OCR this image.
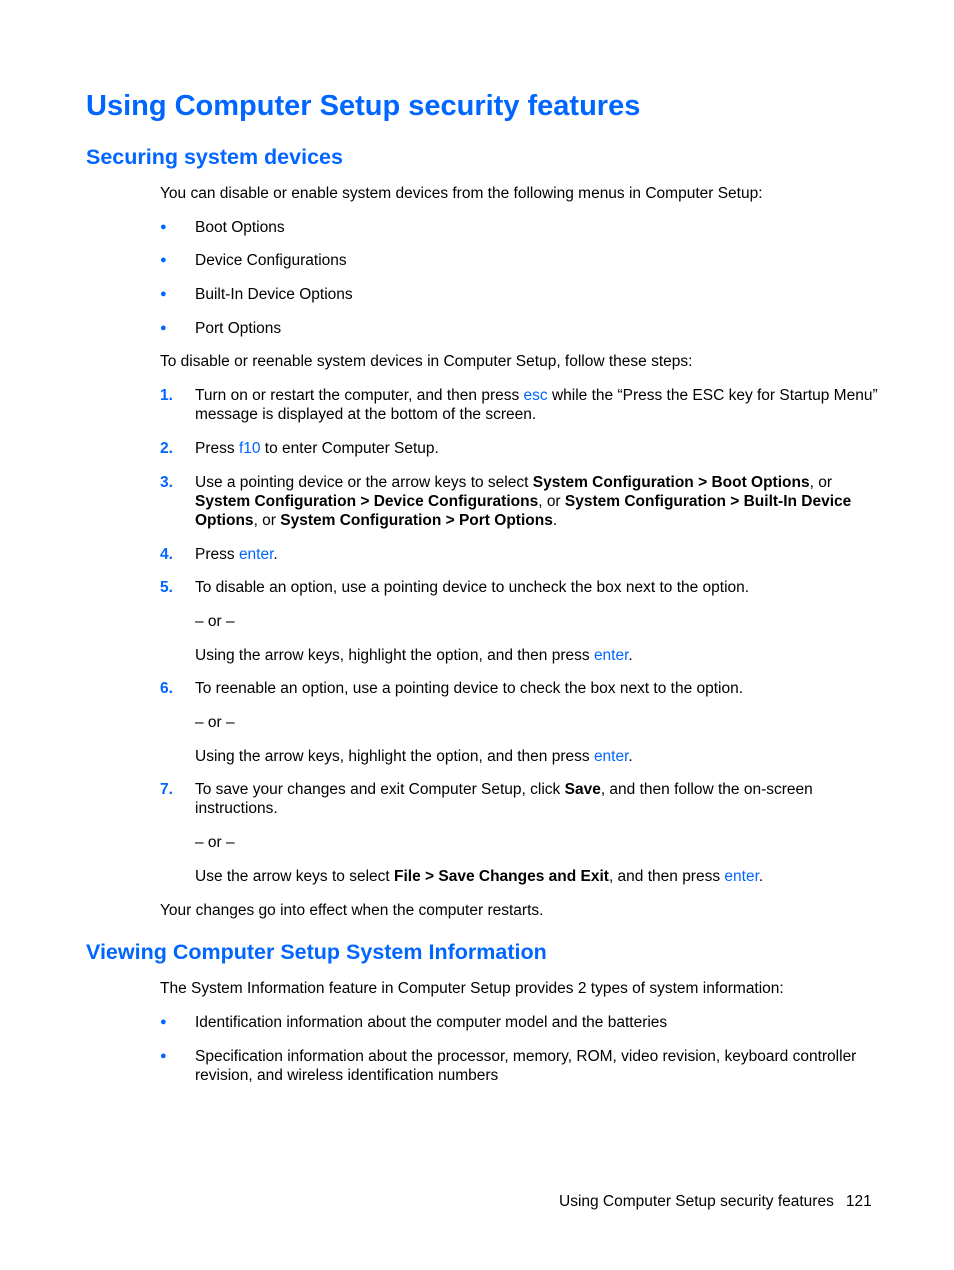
Using Computer Setup security features
Securing system devices
You can disable or enable system devices from the following menus in Computer Setup:
● Boot Options
● Device Configurations
● Built-In Device Options
● Port Options
To disable or reenable system devices in Computer Setup, follow these steps:
1. Turn on or restart the computer, and then press esc while the “Press the ESC key for Startup Menu”
message is displayed at the bottom of the screen.
2. Press f10 to enter Computer Setup.
3. Use a pointing device or the arrow keys to select System Configuration > Boot Options, or
System Configuration > Device Configurations, or System Configuration > Built-In Device
Options, or System Configuration > Port Options.
4. Press enter.
5. To disable an option, use a pointing device to uncheck the box next to the option.
– or –
Using the arrow keys, highlight the option, and then press enter.
6. To reenable an option, use a pointing device to check the box next to the option.
– or –
Using the arrow keys, highlight the option, and then press enter.
7. To save your changes and exit Computer Setup, click Save, and then follow the on-screen
instructions.
– or –
Use the arrow keys to select File > Save Changes and Exit, and then press enter.
Your changes go into effect when the computer restarts.
Viewing Computer Setup System Information
The System Information feature in Computer Setup provides 2 types of system information:
● Identification information about the computer model and the batteries
● Specification information about the processor, memory, ROM, video revision, keyboard controller
revision, and wireless identification numbers
Using Computer Setup security features 121
